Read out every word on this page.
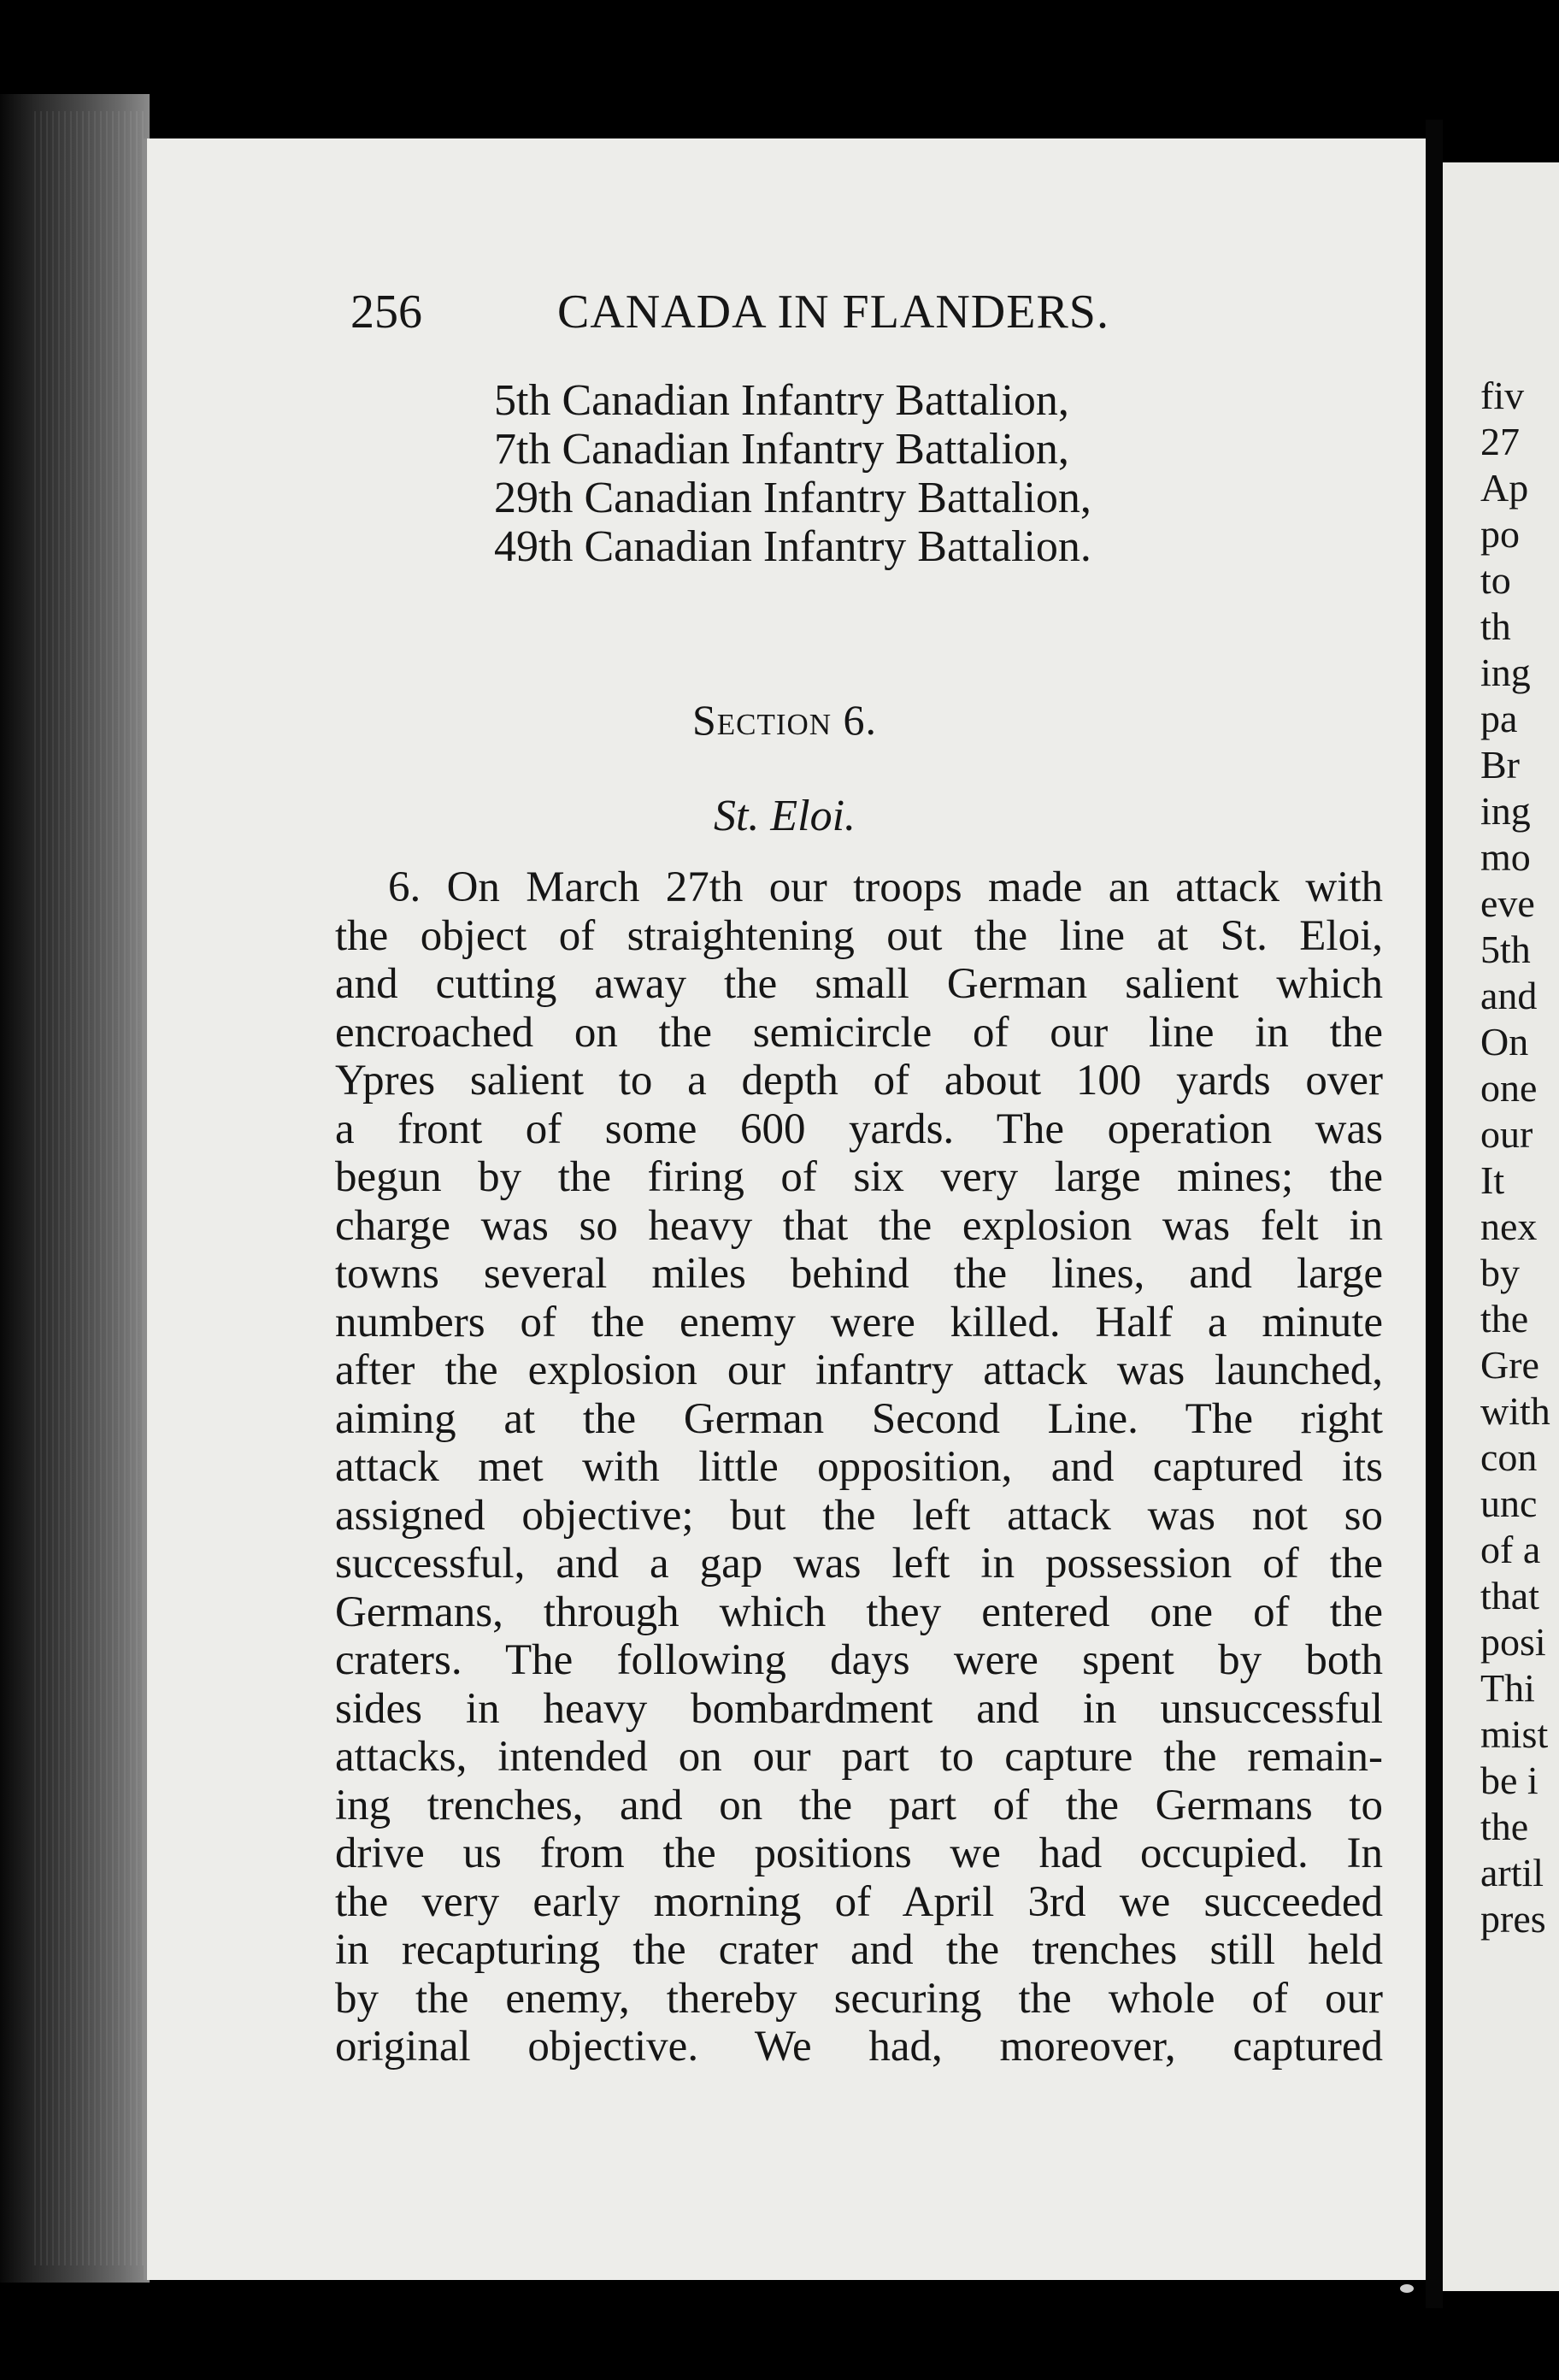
256	CANADA IN FLANDERS.
5th Canadian Infantry Battalion,
7th Canadian Infantry Battalion,
29th Canadian Infantry Battalion,
49th Canadian Infantry Battalion.
Section 6.
St. Eloi.
6. On March 27th our troops made an attack with
the object of straightening out the line at St. Eloi,
and cutting away the small German salient which
encroached on the semicircle of our line in the
Ypres salient to a depth of about 100 yards over
a front of some 600 yards. The operation was
begun by the firing of six very large mines; the
charge was so heavy that the explosion was felt in
towns several miles behind the lines, and large
numbers of the enemy were killed. Half a minute
after the explosion our infantry attack was launched,
aiming at the German Second Line. The right
attack met with little opposition, and captured its
assigned objective; but the left attack was not so
successful, and a gap was left in possession of the
Germans, through which they entered one of the
craters. The following days were spent by both
sides in heavy bombardment and in unsuccessful
attacks, intended on our part to capture the remain-
ing trenches, and on the part of the Germans to
drive us from the positions we had occupied. In
the very early morning of April 3rd we succeeded
in recapturing the crater and the trenches still held
by the enemy, thereby securing the whole of our
original objective. We had, moreover, captured
fiv
27
Ap
po
to
th
ing
pa
Br
ing
mo
eve
5th
and
On
one
our
It
nex
by
the
Gre
with
con
unc
of a
that
posi
Thi
mist
be i
the
artil
pres
